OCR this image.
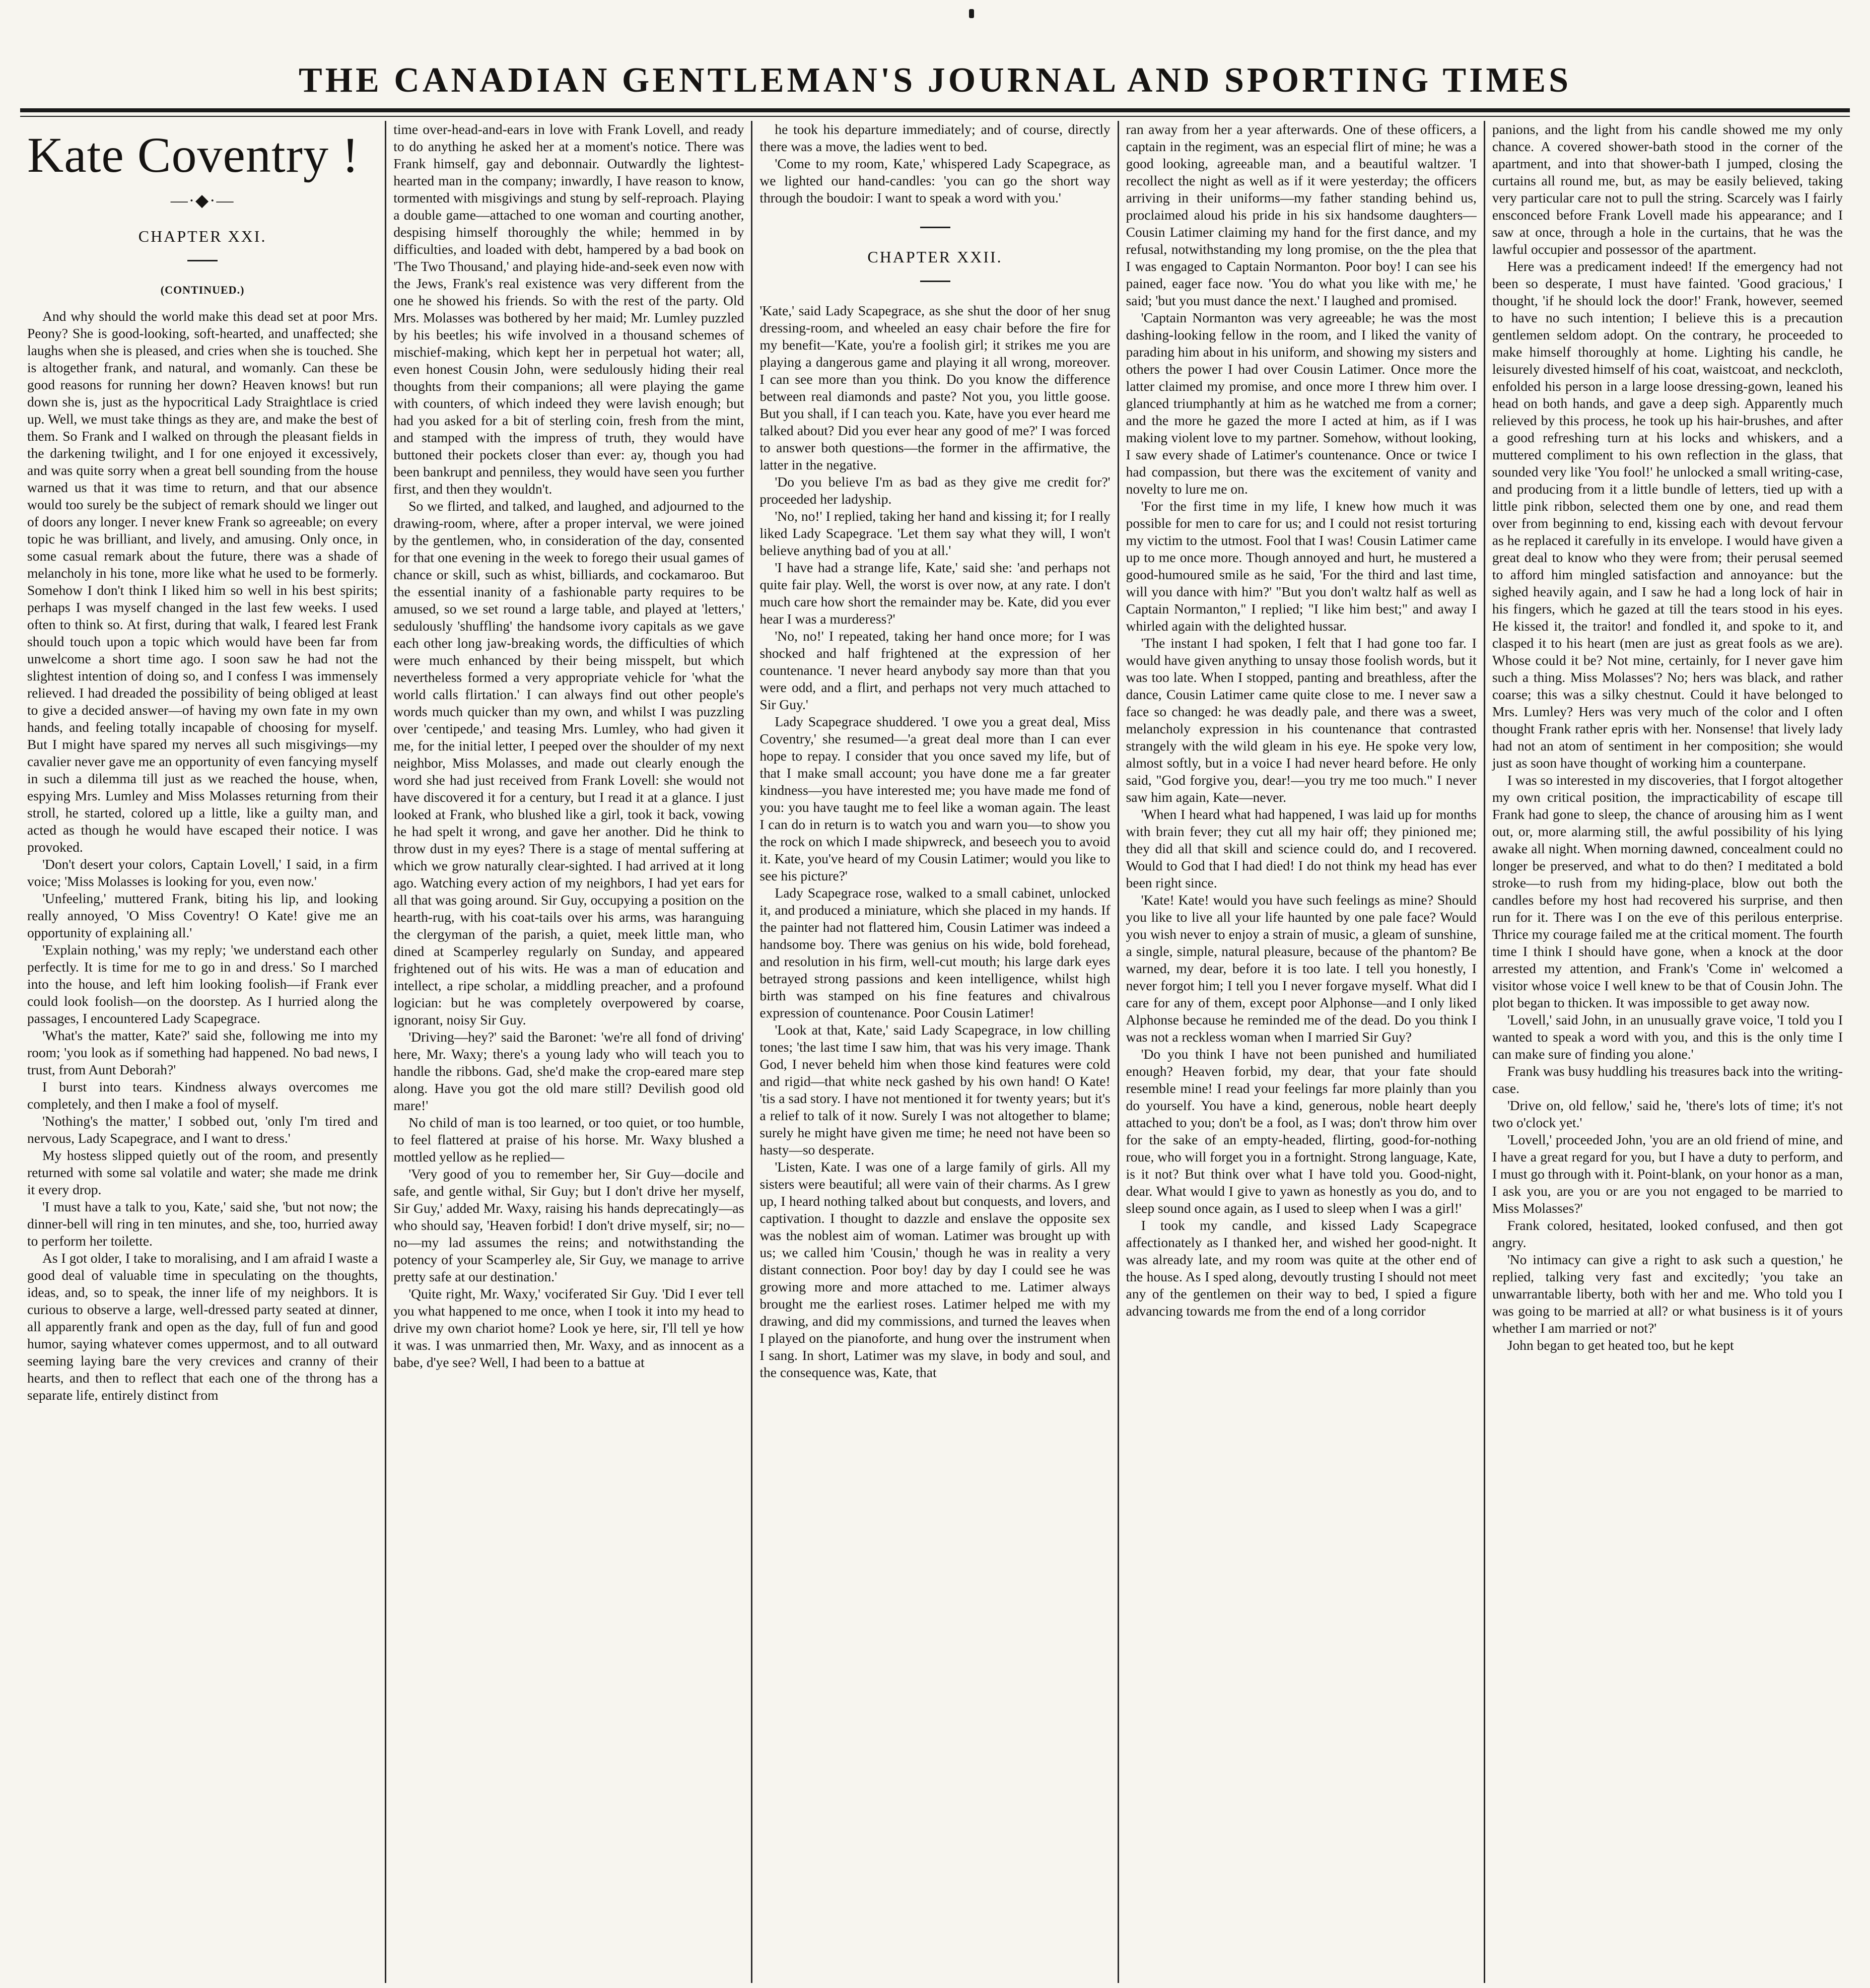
THE CANADIAN GENTLEMAN'S JOURNAL AND SPORTING TIMES
Kate Coventry !
—·◆·—
CHAPTER XXI.
(CONTINUED.)

And why should the world make this dead set at poor Mrs. Peony? She is good-looking, soft-hearted, and unaffected; she laughs when she is pleased, and cries when she is touched. She is altogether frank, and natural, and womanly. Can these be good reasons for running her down? Heaven knows! but run down she is, just as the hypocritical Lady Straightlace is cried up. Well, we must take things as they are, and make the best of them. So Frank and I walked on through the pleasant fields in the darkening twilight, and I for one enjoyed it excessively, and was quite sorry when a great bell sounding from the house warned us that it was time to return, and that our absence would too surely be the subject of remark should we linger out of doors any longer. I never knew Frank so agreeable; on every topic he was brilliant, and lively, and amusing. Only once, in some casual remark about the future, there was a shade of melancholy in his tone, more like what he used to be formerly. Somehow I don't think I liked him so well in his best spirits; perhaps I was myself changed in the last few weeks. I used often to think so. At first, during that walk, I feared lest Frank should touch upon a topic which would have been far from unwelcome a short time ago. I soon saw he had not the slightest intention of doing so, and I confess I was immensely relieved. I had dreaded the possibility of being obliged at least to give a decided answer—of having my own fate in my own hands, and feeling totally incapable of choosing for myself. But I might have spared my nerves all such misgivings—my cavalier never gave me an opportunity of even fancying myself in such a dilemma till just as we reached the house, when, espying Mrs. Lumley and Miss Molasses returning from their stroll, he started, colored up a little, like a guilty man, and acted as though he would have escaped their notice. I was provoked.

'Don't desert your colors, Captain Lovell,' I said, in a firm voice; 'Miss Molasses is looking for you, even now.'

'Unfeeling,' muttered Frank, biting his lip, and looking really annoyed, 'O Miss Coventry! O Kate! give me an opportunity of explaining all.'

'Explain nothing,' was my reply; 'we understand each other perfectly. It is time for me to go in and dress.' So I marched into the house, and left him looking foolish—if Frank ever could look foolish—on the doorstep. As I hurried along the passages, I encountered Lady Scapegrace.

'What's the matter, Kate?' said she, following me into my room; 'you look as if something had happened. No bad news, I trust, from Aunt Deborah?'

I burst into tears. Kindness always overcomes me completely, and then I make a fool of myself.

'Nothing's the matter,' I sobbed out, 'only I'm tired and nervous, Lady Scapegrace, and I want to dress.'

My hostess slipped quietly out of the room, and presently returned with some sal volatile and water; she made me drink it every drop.

'I must have a talk to you, Kate,' said she, 'but not now; the dinner-bell will ring in ten minutes, and she, too, hurried away to perform her toilette.

As I got older, I take to moralising, and I am afraid I waste a good deal of valuable time in speculating on the thoughts, ideas, and, so to speak, the inner life of my neighbors. It is curious to observe a large, well-dressed party seated at dinner, all apparently frank and open as the day, full of fun and good humor, saying whatever comes uppermost, and to all outward seeming laying bare the very crevices and cranny of their hearts, and then to reflect that each one of the throng has a separate life, entirely distinct from

time over-head-and-ears in love with Frank Lovell, and ready to do anything he asked her at a moment's notice. There was Frank himself, gay and debonnair. Outwardly the lightest-hearted man in the company; inwardly, I have reason to know, tormented with misgivings and stung by self-reproach. Playing a double game—attached to one woman and courting another, despising himself thoroughly the while; hemmed in by difficulties, and loaded with debt, hampered by a bad book on 'The Two Thousand,' and playing hide-and-seek even now with the Jews, Frank's real existence was very different from the one he showed his friends. So with the rest of the party. Old Mrs. Molasses was bothered by her maid; Mr. Lumley puzzled by his beetles; his wife involved in a thousand schemes of mischief-making, which kept her in perpetual hot water; all, even honest Cousin John, were sedulously hiding their real thoughts from their companions; all were playing the game with counters, of which indeed they were lavish enough; but had you asked for a bit of sterling coin, fresh from the mint, and stamped with the impress of truth, they would have buttoned their pockets closer than ever: ay, though you had been bankrupt and penniless, they would have seen you further first, and then they wouldn't.

So we flirted, and talked, and laughed, and adjourned to the drawing-room, where, after a proper interval, we were joined by the gentlemen, who, in consideration of the day, consented for that one evening in the week to forego their usual games of chance or skill, such as whist, billiards, and cockamaroo. But the essential inanity of a fashionable party requires to be amused, so we set round a large table, and played at 'letters,' sedulously 'shuffling' the handsome ivory capitals as we gave each other long jaw-breaking words, the difficulties of which were much enhanced by their being misspelt, but which nevertheless formed a very appropriate vehicle for 'what the world calls flirtation.' I can always find out other people's words much quicker than my own, and whilst I was puzzling over 'centipede,' and teasing Mrs. Lumley, who had given it me, for the initial letter, I peeped over the shoulder of my next neighbor, Miss Molasses, and made out clearly enough the word she had just received from Frank Lovell: she would not have discovered it for a century, but I read it at a glance. I just looked at Frank, who blushed like a girl, took it back, vowing he had spelt it wrong, and gave her another. Did he think to throw dust in my eyes? There is a stage of mental suffering at which we grow naturally clear-sighted. I had arrived at it long ago. Watching every action of my neighbors, I had yet ears for all that was going around. Sir Guy, occupying a position on the hearth-rug, with his coat-tails over his arms, was haranguing the clergyman of the parish, a quiet, meek little man, who dined at Scamperley regularly on Sunday, and appeared frightened out of his wits. He was a man of education and intellect, a ripe scholar, a middling preacher, and a profound logician: but he was completely overpowered by coarse, ignorant, noisy Sir Guy.

'Driving—hey?' said the Baronet: 'we're all fond of driving' here, Mr. Waxy; there's a young lady who will teach you to handle the ribbons. Gad, she'd make the crop-eared mare step along. Have you got the old mare still? Devilish good old mare!'

No child of man is too learned, or too quiet, or too humble, to feel flattered at praise of his horse. Mr. Waxy blushed a mottled yellow as he replied—

'Very good of you to remember her, Sir Guy—docile and safe, and gentle withal, Sir Guy; but I don't drive her myself, Sir Guy,' added Mr. Waxy, raising his hands deprecatingly—as who should say, 'Heaven forbid! I don't drive myself, sir; no—no—my lad assumes the reins; and notwithstanding the potency of your Scamperley ale, Sir Guy, we manage to arrive pretty safe at our destination.'

'Quite right, Mr. Waxy,' vociferated Sir Guy. 'Did I ever tell you what happened to me once, when I took it into my head to drive my own chariot home? Look ye here, sir, I'll tell ye how it was. I was unmarried then, Mr. Waxy, and as innocent as a babe, d'ye see? Well, I had been to a battue at

he took his departure immediately; and of course, directly there was a move, the ladies went to bed.

'Come to my room, Kate,' whispered Lady Scapegrace, as we lighted our hand-candles: 'you can go the short way through the boudoir: I want to speak a word with you.'

CHAPTER XXII.

'Kate,' said Lady Scapegrace, as she shut the door of her snug dressing-room, and wheeled an easy chair before the fire for my benefit—'Kate, you're a foolish girl; it strikes me you are playing a dangerous game and playing it all wrong, moreover. I can see more than you think. Do you know the difference between real diamonds and paste? Not you, you little goose. But you shall, if I can teach you. Kate, have you ever heard me talked about? Did you ever hear any good of me?' I was forced to answer both questions—the former in the affirmative, the latter in the negative.

'Do you believe I'm as bad as they give me credit for?' proceeded her ladyship.

'No, no!' I replied, taking her hand and kissing it; for I really liked Lady Scapegrace. 'Let them say what they will, I won't believe anything bad of you at all.'

'I have had a strange life, Kate,' said she: 'and perhaps not quite fair play. Well, the worst is over now, at any rate. I don't much care how short the remainder may be. Kate, did you ever hear I was a murderess?'

'No, no!' I repeated, taking her hand once more; for I was shocked and half frightened at the expression of her countenance. 'I never heard anybody say more than that you were odd, and a flirt, and perhaps not very much attached to Sir Guy.'

Lady Scapegrace shuddered. 'I owe you a great deal, Miss Coventry,' she resumed—'a great deal more than I can ever hope to repay. I consider that you once saved my life, but of that I make small account; you have done me a far greater kindness—you have interested me; you have made me fond of you: you have taught me to feel like a woman again. The least I can do in return is to watch you and warn you—to show you the rock on which I made shipwreck, and beseech you to avoid it. Kate, you've heard of my Cousin Latimer; would you like to see his picture?'

Lady Scapegrace rose, walked to a small cabinet, unlocked it, and produced a miniature, which she placed in my hands. If the painter had not flattered him, Cousin Latimer was indeed a handsome boy. There was genius on his wide, bold forehead, and resolution in his firm, well-cut mouth; his large dark eyes betrayed strong passions and keen intelligence, whilst high birth was stamped on his fine features and chivalrous expression of countenance. Poor Cousin Latimer!

'Look at that, Kate,' said Lady Scapegrace, in low chilling tones; 'the last time I saw him, that was his very image. Thank God, I never beheld him when those kind features were cold and rigid—that white neck gashed by his own hand! O Kate! 'tis a sad story. I have not mentioned it for twenty years; but it's a relief to talk of it now. Surely I was not altogether to blame; surely he might have given me time; he need not have been so hasty—so desperate.

'Listen, Kate. I was one of a large family of girls. All my sisters were beautiful; all were vain of their charms. As I grew up, I heard nothing talked about but conquests, and lovers, and captivation. I thought to dazzle and enslave the opposite sex was the noblest aim of woman. Latimer was brought up with us; we called him 'Cousin,' though he was in reality a very distant connection. Poor boy! day by day I could see he was growing more and more attached to me. Latimer always brought me the earliest roses. Latimer helped me with my drawing, and did my commissions, and turned the leaves when I played on the pianoforte, and hung over the instrument when I sang. In short, Latimer was my slave, in body and soul, and the consequence was, Kate, that

ran away from her a year afterwards. One of these officers, a captain in the regiment, was an especial flirt of mine; he was a good looking, agreeable man, and a beautiful waltzer. 'I recollect the night as well as if it were yesterday; the officers arriving in their uniforms—my father standing behind us, proclaimed aloud his pride in his six handsome daughters—Cousin Latimer claiming my hand for the first dance, and my refusal, notwithstanding my long promise, on the the plea that I was engaged to Captain Normanton. Poor boy! I can see his pained, eager face now. 'You do what you like with me,' he said; 'but you must dance the next.' I laughed and promised.

'Captain Normanton was very agreeable; he was the most dashing-looking fellow in the room, and I liked the vanity of parading him about in his uniform, and showing my sisters and others the power I had over Cousin Latimer. Once more the latter claimed my promise, and once more I threw him over. I glanced triumphantly at him as he watched me from a corner; and the more he gazed the more I acted at him, as if I was making violent love to my partner. Somehow, without looking, I saw every shade of Latimer's countenance. Once or twice I had compassion, but there was the excitement of vanity and novelty to lure me on.

'For the first time in my life, I knew how much it was possible for men to care for us; and I could not resist torturing my victim to the utmost. Fool that I was! Cousin Latimer came up to me once more. Though annoyed and hurt, he mustered a good-humoured smile as he said, 'For the third and last time, will you dance with him?' "But you don't waltz half as well as Captain Normanton," I replied; "I like him best;" and away I whirled again with the delighted hussar.

'The instant I had spoken, I felt that I had gone too far. I would have given anything to unsay those foolish words, but it was too late. When I stopped, panting and breathless, after the dance, Cousin Latimer came quite close to me. I never saw a face so changed: he was deadly pale, and there was a sweet, melancholy expression in his countenance that contrasted strangely with the wild gleam in his eye. He spoke very low, almost softly, but in a voice I had never heard before. He only said, "God forgive you, dear!—you try me too much." I never saw him again, Kate—never.

'When I heard what had happened, I was laid up for months with brain fever; they cut all my hair off; they pinioned me; they did all that skill and science could do, and I recovered. Would to God that I had died! I do not think my head has ever been right since.

'Kate! Kate! would you have such feelings as mine? Should you like to live all your life haunted by one pale face? Would you wish never to enjoy a strain of music, a gleam of sunshine, a single, simple, natural pleasure, because of the phantom? Be warned, my dear, before it is too late. I tell you honestly, I never forgot him; I tell you I never forgave myself. What did I care for any of them, except poor Alphonse—and I only liked Alphonse because he reminded me of the dead. Do you think I was not a reckless woman when I married Sir Guy?

'Do you think I have not been punished and humiliated enough? Heaven forbid, my dear, that your fate should resemble mine! I read your feelings far more plainly than you do yourself. You have a kind, generous, noble heart deeply attached to you; don't be a fool, as I was; don't throw him over for the sake of an empty-headed, flirting, good-for-nothing roue, who will forget you in a fortnight. Strong language, Kate, is it not? But think over what I have told you. Good-night, dear. What would I give to yawn as honestly as you do, and to sleep sound once again, as I used to sleep when I was a girl!'

I took my candle, and kissed Lady Scapegrace affectionately as I thanked her, and wished her good-night. It was already late, and my room was quite at the other end of the house. As I sped along, devoutly trusting I should not meet any of the gentlemen on their way to bed, I spied a figure advancing towards me from the end of a long corridor

panions, and the light from his candle showed me my only chance. A covered shower-bath stood in the corner of the apartment, and into that shower-bath I jumped, closing the curtains all round me, but, as may be easily believed, taking very particular care not to pull the string. Scarcely was I fairly ensconced before Frank Lovell made his appearance; and I saw at once, through a hole in the curtains, that he was the lawful occupier and possessor of the apartment.

Here was a predicament indeed! If the emergency had not been so desperate, I must have fainted. 'Good gracious,' I thought, 'if he should lock the door!' Frank, however, seemed to have no such intention; I believe this is a precaution gentlemen seldom adopt. On the contrary, he proceeded to make himself thoroughly at home. Lighting his candle, he leisurely divested himself of his coat, waistcoat, and neckcloth, enfolded his person in a large loose dressing-gown, leaned his head on both hands, and gave a deep sigh. Apparently much relieved by this process, he took up his hair-brushes, and after a good refreshing turn at his locks and whiskers, and a muttered compliment to his own reflection in the glass, that sounded very like 'You fool!' he unlocked a small writing-case, and producing from it a little bundle of letters, tied up with a little pink ribbon, selected them one by one, and read them over from beginning to end, kissing each with devout fervour as he replaced it carefully in its envelope. I would have given a great deal to know who they were from; their perusal seemed to afford him mingled satisfaction and annoyance: but the sighed heavily again, and I saw he had a long lock of hair in his fingers, which he gazed at till the tears stood in his eyes. He kissed it, the traitor! and fondled it, and spoke to it, and clasped it to his heart (men are just as great fools as we are). Whose could it be? Not mine, certainly, for I never gave him such a thing. Miss Molasses'? No; hers was black, and rather coarse; this was a silky chestnut. Could it have belonged to Mrs. Lumley? Hers was very much of the color and I often thought Frank rather epris with her. Nonsense! that lively lady had not an atom of sentiment in her composition; she would just as soon have thought of working him a counterpane.

I was so interested in my discoveries, that I forgot altogether my own critical position, the impracticability of escape till Frank had gone to sleep, the chance of arousing him as I went out, or, more alarming still, the awful possibility of his lying awake all night. When morning dawned, concealment could no longer be preserved, and what to do then? I meditated a bold stroke—to rush from my hiding-place, blow out both the candles before my host had recovered his surprise, and then run for it. There was I on the eve of this perilous enterprise. Thrice my courage failed me at the critical moment. The fourth time I think I should have gone, when a knock at the door arrested my attention, and Frank's 'Come in' welcomed a visitor whose voice I well knew to be that of Cousin John. The plot began to thicken. It was impossible to get away now.

'Lovell,' said John, in an unusually grave voice, 'I told you I wanted to speak a word with you, and this is the only time I can make sure of finding you alone.'

Frank was busy huddling his treasures back into the writing-case.

'Drive on, old fellow,' said he, 'there's lots of time; it's not two o'clock yet.'

'Lovell,' proceeded John, 'you are an old friend of mine, and I have a great regard for you, but I have a duty to perform, and I must go through with it. Point-blank, on your honor as a man, I ask you, are you or are you not engaged to be married to Miss Molasses?'

Frank colored, hesitated, looked confused, and then got angry.

'No intimacy can give a right to ask such a question,' he replied, talking very fast and excitedly; 'you take an unwarrantable liberty, both with her and me. Who told you I was going to be married at all? or what business is it of yours whether I am married or not?'

John began to get heated too, but he kept
